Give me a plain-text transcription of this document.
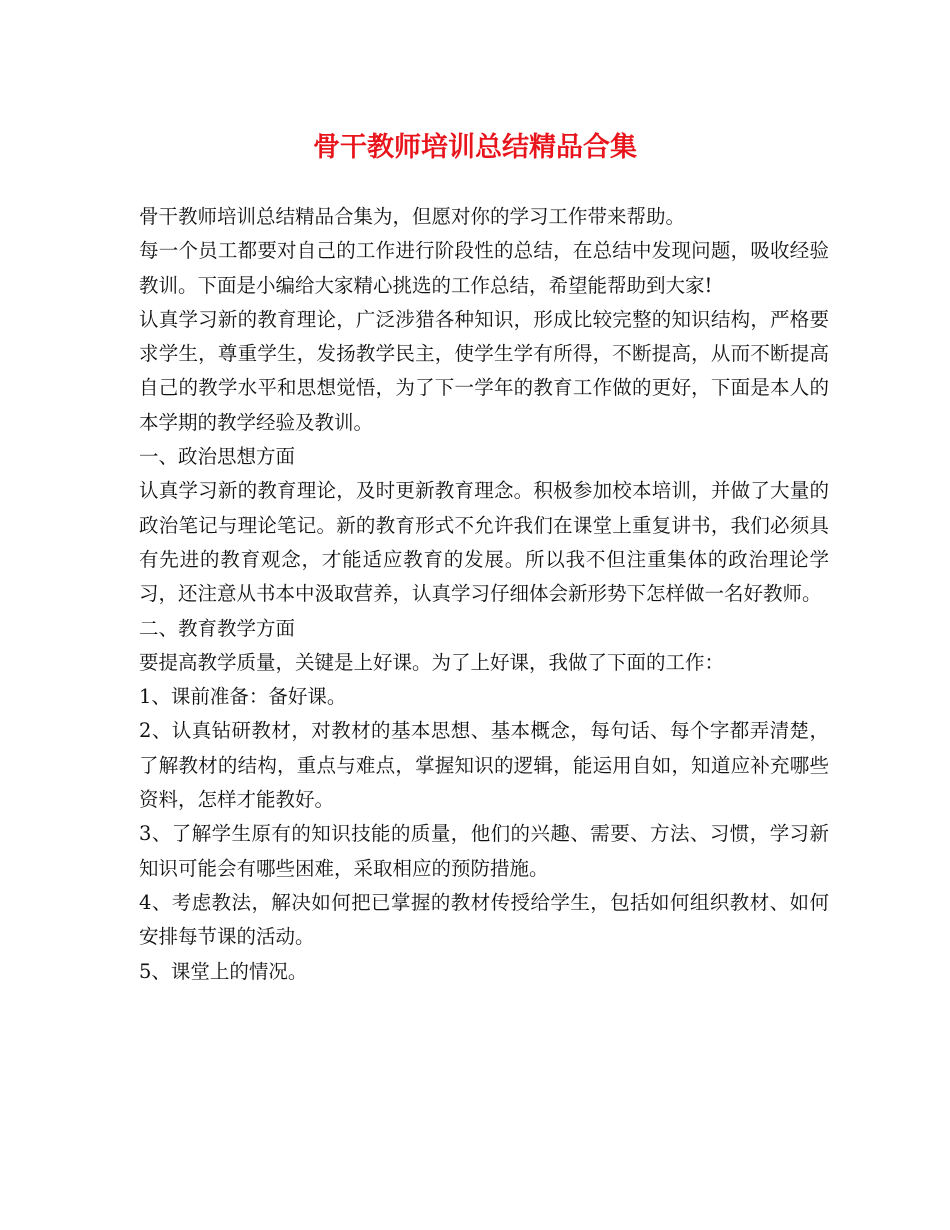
骨干教师培训总结精品合集

骨干教师培训总结精品合集为，但愿对你的学习工作带来帮助。

每一个员工都要对自己的工作进行阶段性的总结，在总结中发现问题，吸收经验教训。下面是小编给大家精心挑选的工作总结，希望能帮助到大家!

认真学习新的教育理论，广泛涉猎各种知识，形成比较完整的知识结构，严格要求学生，尊重学生，发扬教学民主，使学生学有所得，不断提高，从而不断提高自己的教学水平和思想觉悟，为了下一学年的教育工作做的更好，下面是本人的本学期的教学经验及教训。

一、政治思想方面

认真学习新的教育理论，及时更新教育理念。积极参加校本培训，并做了大量的政治笔记与理论笔记。新的教育形式不允许我们在课堂上重复讲书，我们必须具有先进的教育观念，才能适应教育的发展。所以我不但注重集体的政治理论学习，还注意从书本中汲取营养，认真学习仔细体会新形势下怎样做一名好教师。

二、教育教学方面

要提高教学质量，关键是上好课。为了上好课，我做了下面的工作：

1、课前准备：备好课。

2、认真钻研教材，对教材的基本思想、基本概念，每句话、每个字都弄清楚，了解教材的结构，重点与难点，掌握知识的逻辑，能运用自如，知道应补充哪些资料，怎样才能教好。

3、了解学生原有的知识技能的质量，他们的兴趣、需要、方法、习惯，学习新知识可能会有哪些困难，采取相应的预防措施。

4、考虑教法，解决如何把已掌握的教材传授给学生，包括如何组织教材、如何安排每节课的活动。

5、课堂上的情况。
